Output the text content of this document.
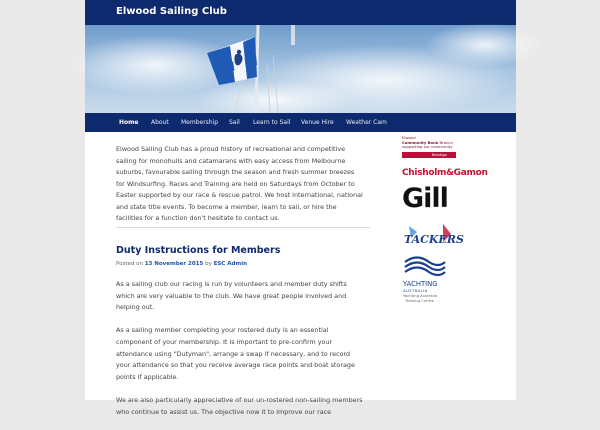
Elwood Sailing Club
Home About Membership Sail Learn to Sail Venue Hire Weather Cam
Elwood Sailing Club has a proud history of recreational and competitive
sailing for monohulls and catamarans with easy access from Melbourne
suburbs, favourable sailing through the season and fresh summer breezes
for Windsurfing. Races and Training are held on Saturdays from October to
Easter supported by our race & rescue patrol. We host international, national
and state title events. To become a member, learn to sail, or hire the
facilities for a function don't hesitate to contact us.
Duty Instructions for Members
Posted on 13 November 2015 by ESC Admin
As a sailing club our racing is run by volunteers and member duty shifts
which are very valuable to the club. We have great people involved and
helping out.
As a sailing member completing your rostered duty is an essential
component of your membership. It is important to pre-confirm your
attendance using "Dutyman", arrange a swap if necessary, and to record
your attendance so that you receive average race points and boat storage
points if applicable.
We are also particularly appreciative of our un-rostered non-sailing members
who continue to assist us. The objective now it to improve our race
Elwood
Community Bank Branch
supporting our community
Bendigo Bank
Chisholm&Gamon
Gill
TACKERS
YACHTING
AUSTRALIA
Yachting Australia
Training Centre
